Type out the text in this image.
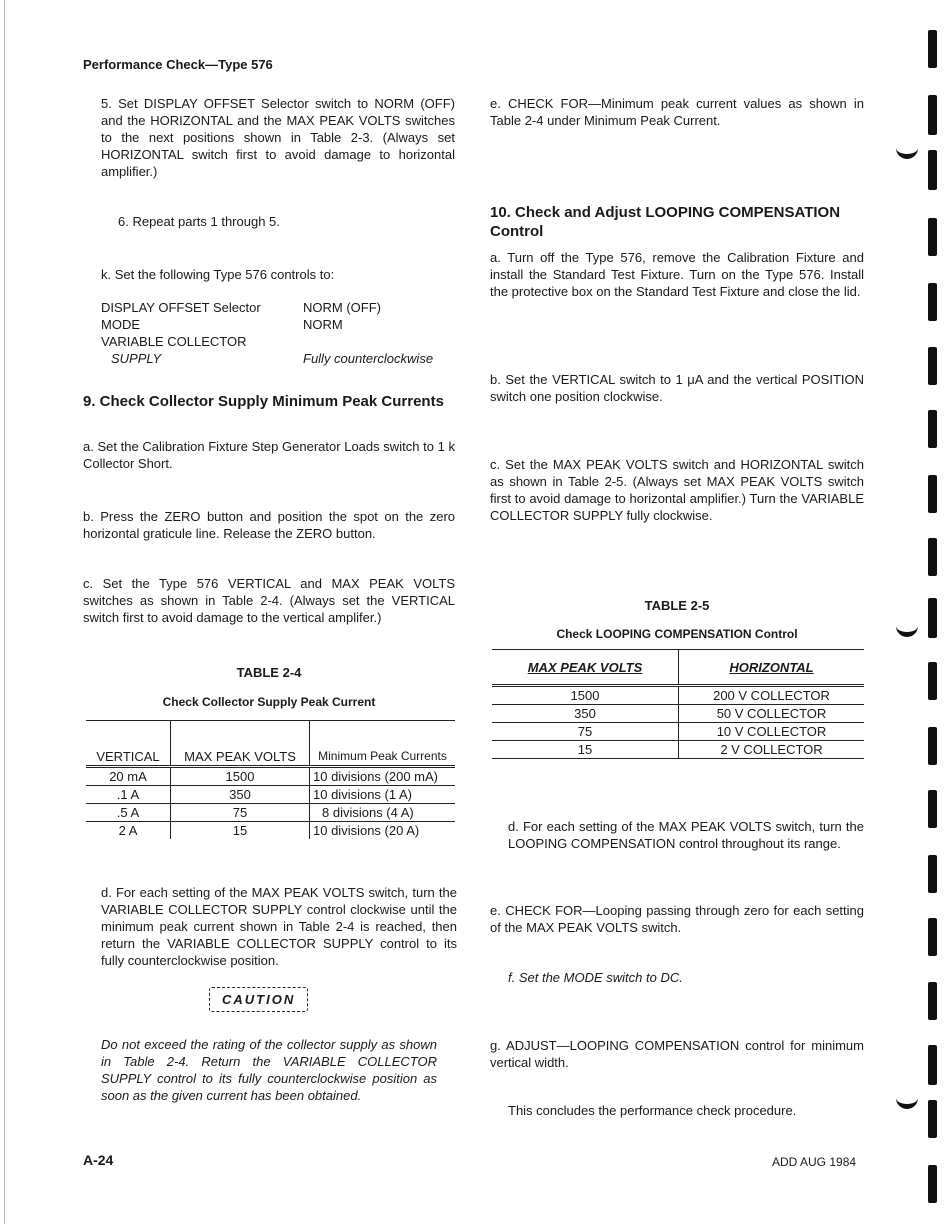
Performance Check—Type 576

5. Set DISPLAY OFFSET Selector switch to NORM (OFF) and the HORIZONTAL and the MAX PEAK VOLTS switches to the next positions shown in Table 2-3. (Always set HORIZONTAL switch first to avoid damage to horizontal amplifier.)

6. Repeat parts 1 through 5.

k. Set the following Type 576 controls to:

DISPLAY OFFSET Selector	NORM (OFF)
MODE	NORM
VARIABLE COLLECTOR
SUPPLY	Fully counterclockwise

9. Check Collector Supply Minimum Peak Currents

a. Set the Calibration Fixture Step Generator Loads switch to 1 k Collector Short.

b. Press the ZERO button and position the spot on the zero horizontal graticule line. Release the ZERO button.

c. Set the Type 576 VERTICAL and MAX PEAK VOLTS switches as shown in Table 2-4. (Always set the VERTICAL switch first to avoid damage to the vertical amplifer.)

TABLE 2-4
Check Collector Supply Peak Current
VERTICAL	MAX PEAK VOLTS	Minimum Peak Currents
20 mA	1500	10 divisions (200 mA)
.1 A	350	10 divisions (1 A)
.5 A	75	8 divisions (4 A)
2 A	15	10 divisions (20 A)

d. For each setting of the MAX PEAK VOLTS switch, turn the VARIABLE COLLECTOR SUPPLY control clockwise until the minimum peak current shown in Table 2-4 is reached, then return the VARIABLE COLLECTOR SUPPLY control to its fully counterclockwise position.

CAUTION

Do not exceed the rating of the collector supply as shown in Table 2-4. Return the VARIABLE COLLECTOR SUPPLY control to its fully counterclockwise position as soon as the given current has been obtained.

e. CHECK FOR—Minimum peak current values as shown in Table 2-4 under Minimum Peak Current.

10. Check and Adjust LOOPING COMPENSATION Control

a. Turn off the Type 576, remove the Calibration Fixture and install the Standard Test Fixture. Turn on the Type 576. Install the protective box on the Standard Test Fixture and close the lid.

b. Set the VERTICAL switch to 1 μA and the vertical POSITION switch one position clockwise.

c. Set the MAX PEAK VOLTS switch and HORIZONTAL switch as shown in Table 2-5. (Always set MAX PEAK VOLTS switch first to avoid damage to horizontal amplifier.) Turn the VARIABLE COLLECTOR SUPPLY fully clockwise.

TABLE 2-5
Check LOOPING COMPENSATION Control
MAX PEAK VOLTS	HORIZONTAL
1500	200 V COLLECTOR
350	50 V COLLECTOR
75	10 V COLLECTOR
15	2 V COLLECTOR

d. For each setting of the MAX PEAK VOLTS switch, turn the LOOPING COMPENSATION control throughout its range.

e. CHECK FOR—Looping passing through zero for each setting of the MAX PEAK VOLTS switch.

f. Set the MODE switch to DC.

g. ADJUST—LOOPING COMPENSATION control for minimum vertical width.

This concludes the performance check procedure.

A-24	ADD AUG 1984
